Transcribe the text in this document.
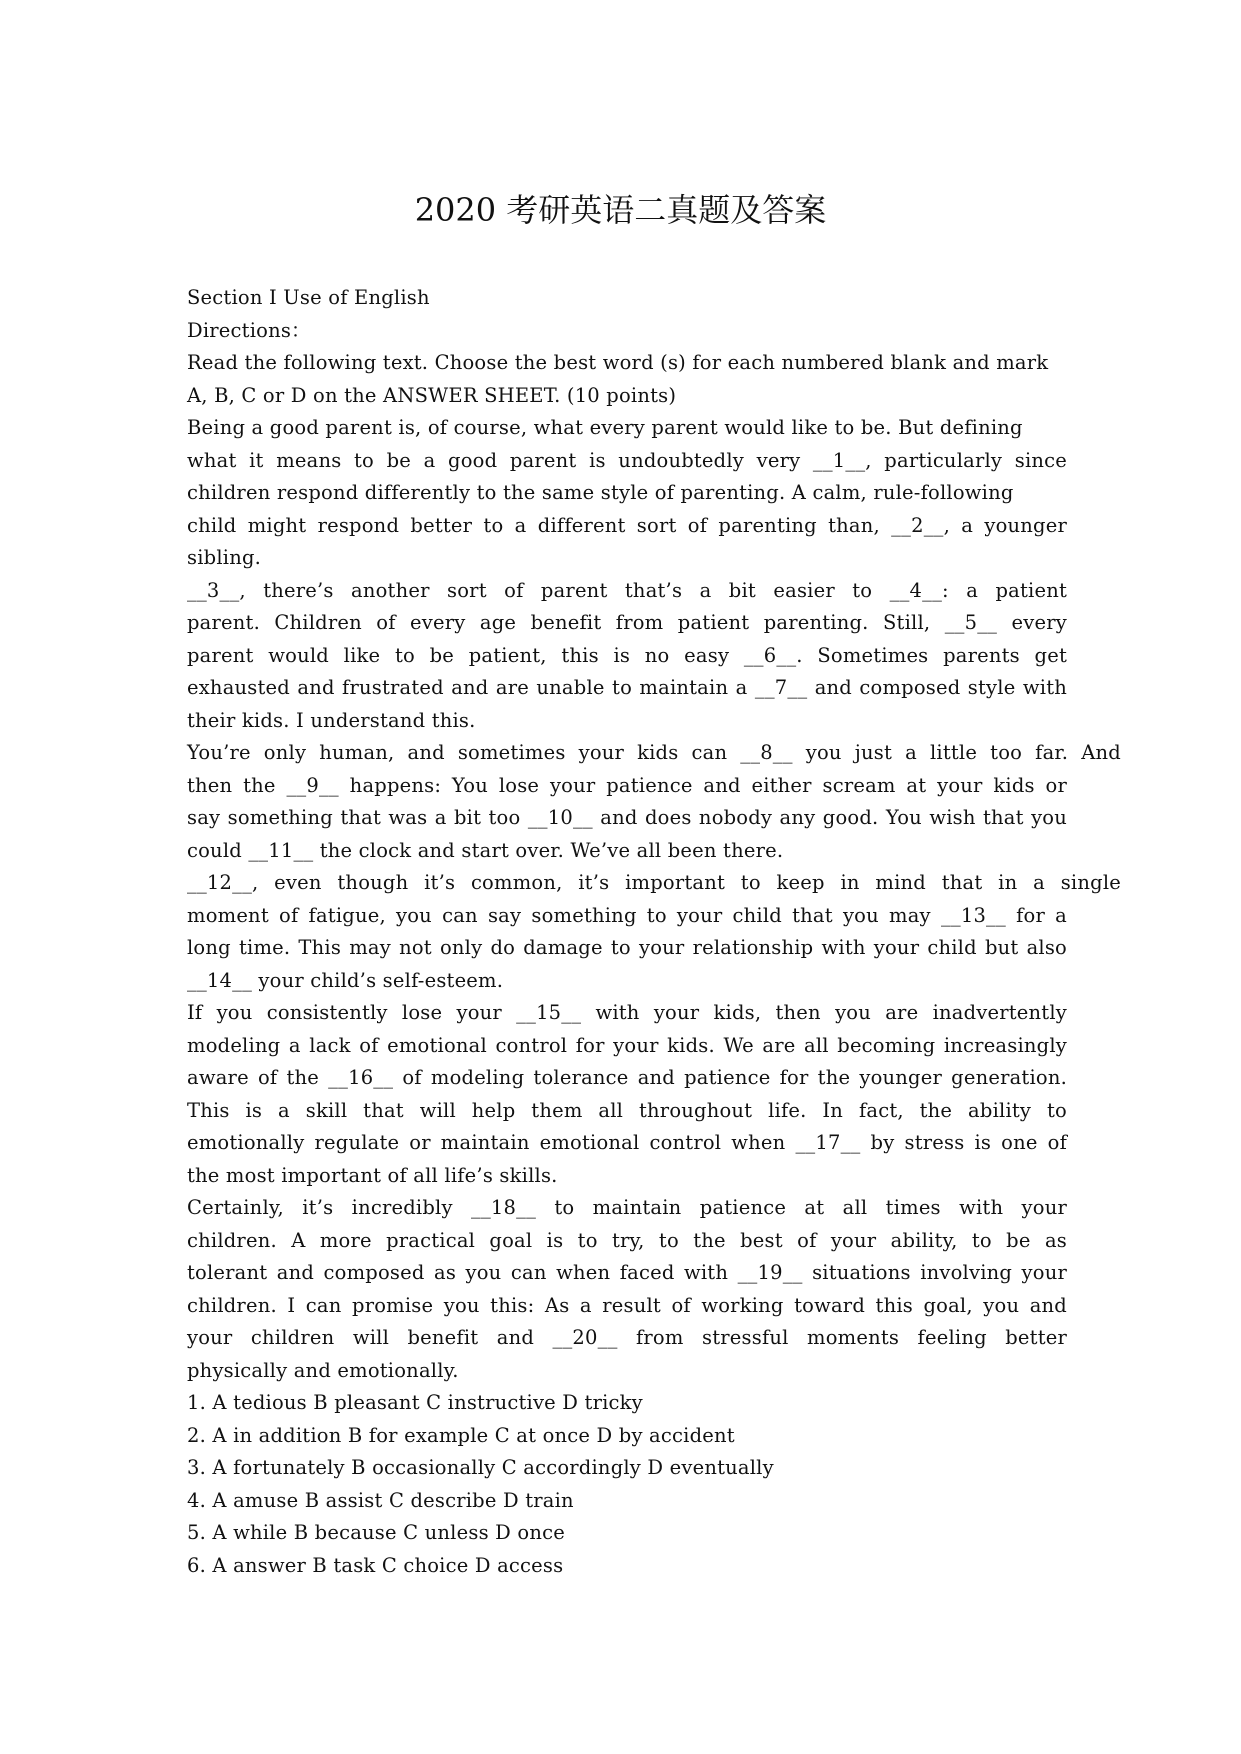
2020 考研英语二真题及答案
Section I Use of English
Directions：
Read the following text. Choose the best word (s) for each numbered blank and mark
A, B, C or D on the ANSWER SHEET. (10 points)
Being a good parent is, of course, what every parent would like to be. But defining
what it means to be a good parent is undoubtedly very __1__, particularly since
children respond differently to the same style of parenting. A calm, rule-following
child might respond better to a different sort of parenting than, __2__, a younger
sibling.
__3__, there’s another sort of parent that’s a bit easier to __4__: a patient
parent. Children of every age benefit from patient parenting. Still, __5__ every
parent would like to be patient, this is no easy __6__. Sometimes parents get
exhausted and frustrated and are unable to maintain a __7__ and composed style with
their kids. I understand this.
You’re only human, and sometimes your kids can __8__ you just a little too far. And
then the __9__ happens: You lose your patience and either scream at your kids or
say something that was a bit too __10__ and does nobody any good. You wish that you
could __11__ the clock and start over. We’ve all been there.
__12__, even though it’s common, it’s important to keep in mind that in a single
moment of fatigue, you can say something to your child that you may __13__ for a
long time. This may not only do damage to your relationship with your child but also
__14__ your child’s self-esteem.
If you consistently lose your __15__ with your kids, then you are inadvertently
modeling a lack of emotional control for your kids. We are all becoming increasingly
aware of the __16__ of modeling tolerance and patience for the younger generation.
This is a skill that will help them all throughout life. In fact, the ability to
emotionally regulate or maintain emotional control when __17__ by stress is one of
the most important of all life’s skills.
Certainly, it’s incredibly __18__ to maintain patience at all times with your
children. A more practical goal is to try, to the best of your ability, to be as
tolerant and composed as you can when faced with __19__ situations involving your
children. I can promise you this: As a result of working toward this goal, you and
your children will benefit and __20__ from stressful moments feeling better
physically and emotionally.
1. A tedious B pleasant C instructive D tricky
2. A in addition B for example C at once D by accident
3. A fortunately B occasionally C accordingly D eventually
4. A amuse B assist C describe D train
5. A while B because C unless D once
6. A answer B task C choice D access
